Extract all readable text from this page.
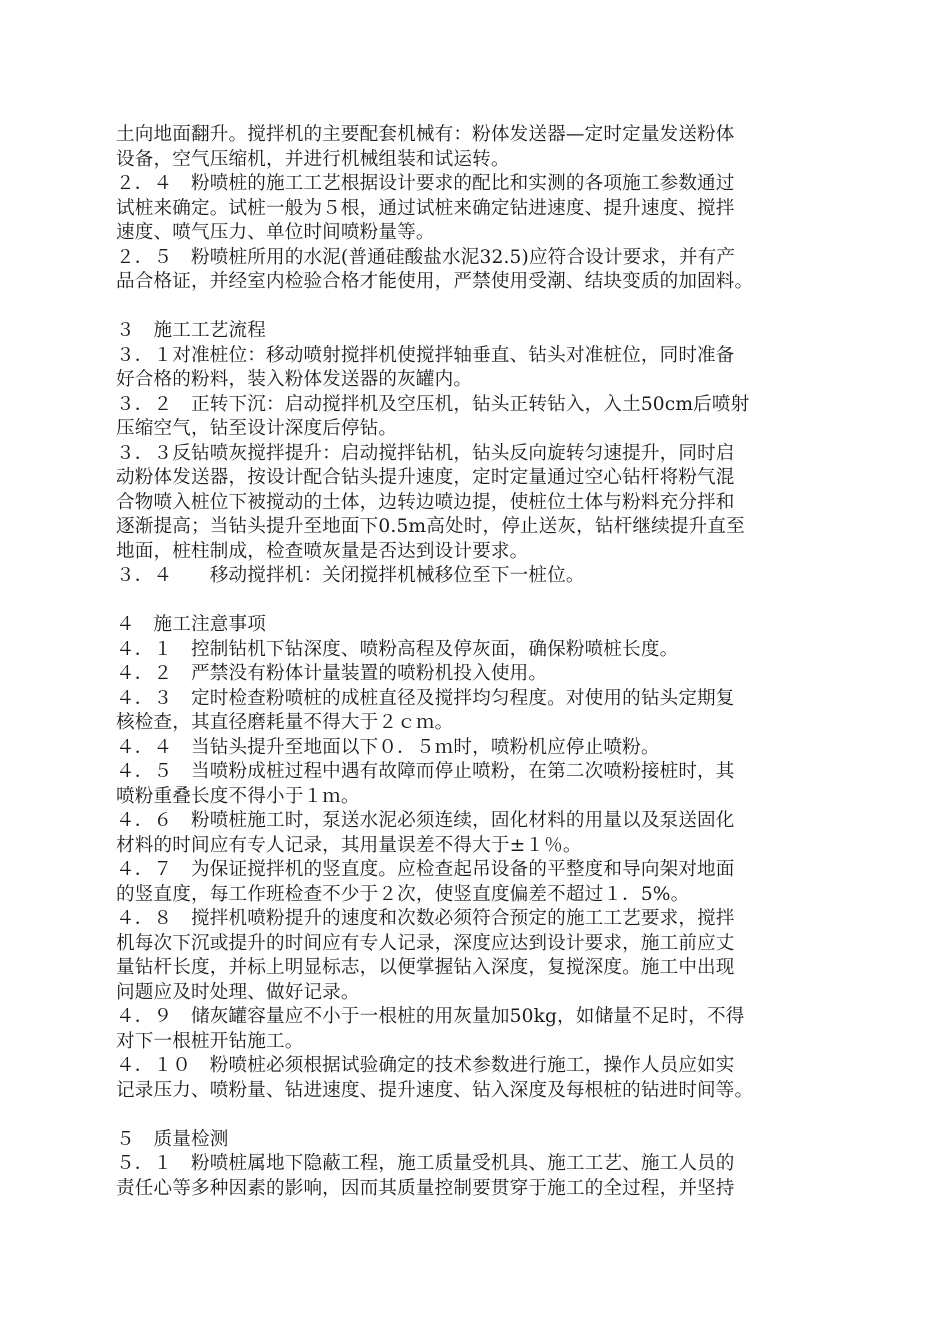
土向地面翻升。搅拌机的主要配套机械有：粉体发送器—定时定量发送粉体
设备，空气压缩机，并进行机械组装和试运转。
２．４　粉喷桩的施工工艺根据设计要求的配比和实测的各项施工参数通过
试桩来确定。试桩一般为５根，通过试桩来确定钻进速度、提升速度、搅拌
速度、喷气压力、单位时间喷粉量等。
２．５　粉喷桩所用的水泥(普通硅酸盐水泥32.5)应符合设计要求，并有产
品合格证，并经室内检验合格才能使用，严禁使用受潮、结块变质的加固料。
３　施工工艺流程
３．１对准桩位：移动喷射搅拌机使搅拌轴垂直、钻头对准桩位，同时准备
好合格的粉料，装入粉体发送器的灰罐内。
３．２　正转下沉：启动搅拌机及空压机，钻头正转钻入，入土50cm后喷射
压缩空气，钻至设计深度后停钻。
３．３反钻喷灰搅拌提升：启动搅拌钻机，钻头反向旋转匀速提升，同时启
动粉体发送器，按设计配合钻头提升速度，定时定量通过空心钻杆将粉气混
合物喷入桩位下被搅动的土体，边转边喷边提，使桩位土体与粉料充分拌和
逐渐提高；当钻头提升至地面下0.5m高处时，停止送灰，钻杆继续提升直至
地面，桩柱制成，检查喷灰量是否达到设计要求。
３．４　　移动搅拌机：关闭搅拌机械移位至下一桩位。
４　施工注意事项
４．１　控制钻机下钻深度、喷粉高程及停灰面，确保粉喷桩长度。
４．２　严禁没有粉体计量装置的喷粉机投入使用。
４．３　定时检查粉喷桩的成桩直径及搅拌均匀程度。对使用的钻头定期复
核检查，其直径磨耗量不得大于２ｃｍ。
４．４　当钻头提升至地面以下０．５ｍ时，喷粉机应停止喷粉。
４．５　当喷粉成桩过程中遇有故障而停止喷粉，在第二次喷粉接桩时，其
喷粉重叠长度不得小于１ｍ。
４．６　粉喷桩施工时，泵送水泥必须连续，固化材料的用量以及泵送固化
材料的时间应有专人记录，其用量误差不得大于±１％。
４．７　为保证搅拌机的竖直度。应检查起吊设备的平整度和导向架对地面
的竖直度，每工作班检查不少于２次，使竖直度偏差不超过１．5%。
４．８　搅拌机喷粉提升的速度和次数必须符合预定的施工工艺要求，搅拌
机每次下沉或提升的时间应有专人记录，深度应达到设计要求，施工前应丈
量钻杆长度，并标上明显标志，以便掌握钻入深度，复搅深度。施工中出现
问题应及时处理、做好记录。
４．９　储灰罐容量应不小于一根桩的用灰量加50kg，如储量不足时，不得
对下一根桩开钻施工。
４．１０　粉喷桩必须根据试验确定的技术参数进行施工，操作人员应如实
记录压力、喷粉量、钻进速度、提升速度、钻入深度及每根桩的钻进时间等。
５　质量检测
５．１　粉喷桩属地下隐蔽工程，施工质量受机具、施工工艺、施工人员的
责任心等多种因素的影响，因而其质量控制要贯穿于施工的全过程，并坚持
